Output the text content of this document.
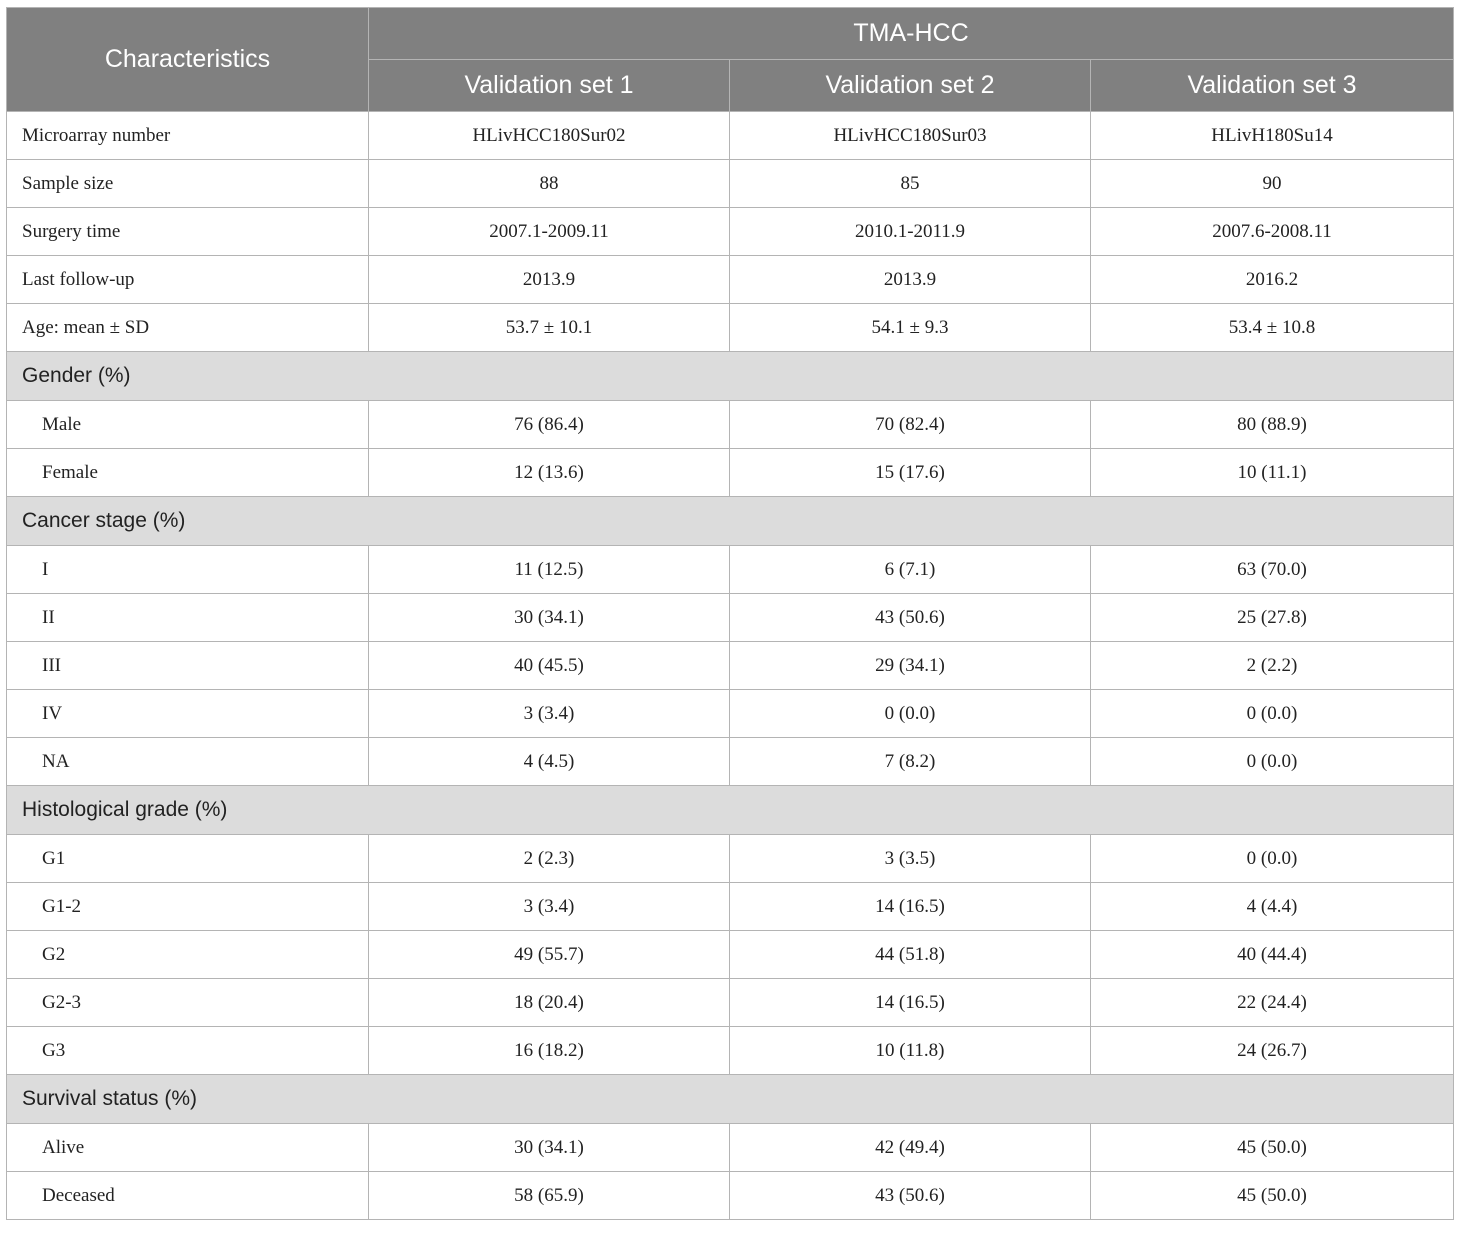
Characteristics	TMA-HCC		
	Validation set 1	Validation set 2	Validation set 3
Microarray number	HLivHCC180Sur02	HLivHCC180Sur03	HLivH180Su14
Sample size	88	85	90
Surgery time	2007.1-2009.11	2010.1-2011.9	2007.6-2008.11
Last follow-up	2013.9	2013.9	2016.2
Age: mean ± SD	53.7 ± 10.1	54.1 ± 9.3	53.4 ± 10.8
Gender (%)			
Male	76 (86.4)	70 (82.4)	80 (88.9)
Female	12 (13.6)	15 (17.6)	10 (11.1)
Cancer stage (%)			
I	11 (12.5)	6 (7.1)	63 (70.0)
II	30 (34.1)	43 (50.6)	25 (27.8)
III	40 (45.5)	29 (34.1)	2 (2.2)
IV	3 (3.4)	0 (0.0)	0 (0.0)
NA	4 (4.5)	7 (8.2)	0 (0.0)
Histological grade (%)			
G1	2 (2.3)	3 (3.5)	0 (0.0)
G1-2	3 (3.4)	14 (16.5)	4 (4.4)
G2	49 (55.7)	44 (51.8)	40 (44.4)
G2-3	18 (20.4)	14 (16.5)	22 (24.4)
G3	16 (18.2)	10 (11.8)	24 (26.7)
Survival status (%)			
Alive	30 (34.1)	42 (49.4)	45 (50.0)
Deceased	58 (65.9)	43 (50.6)	45 (50.0)
